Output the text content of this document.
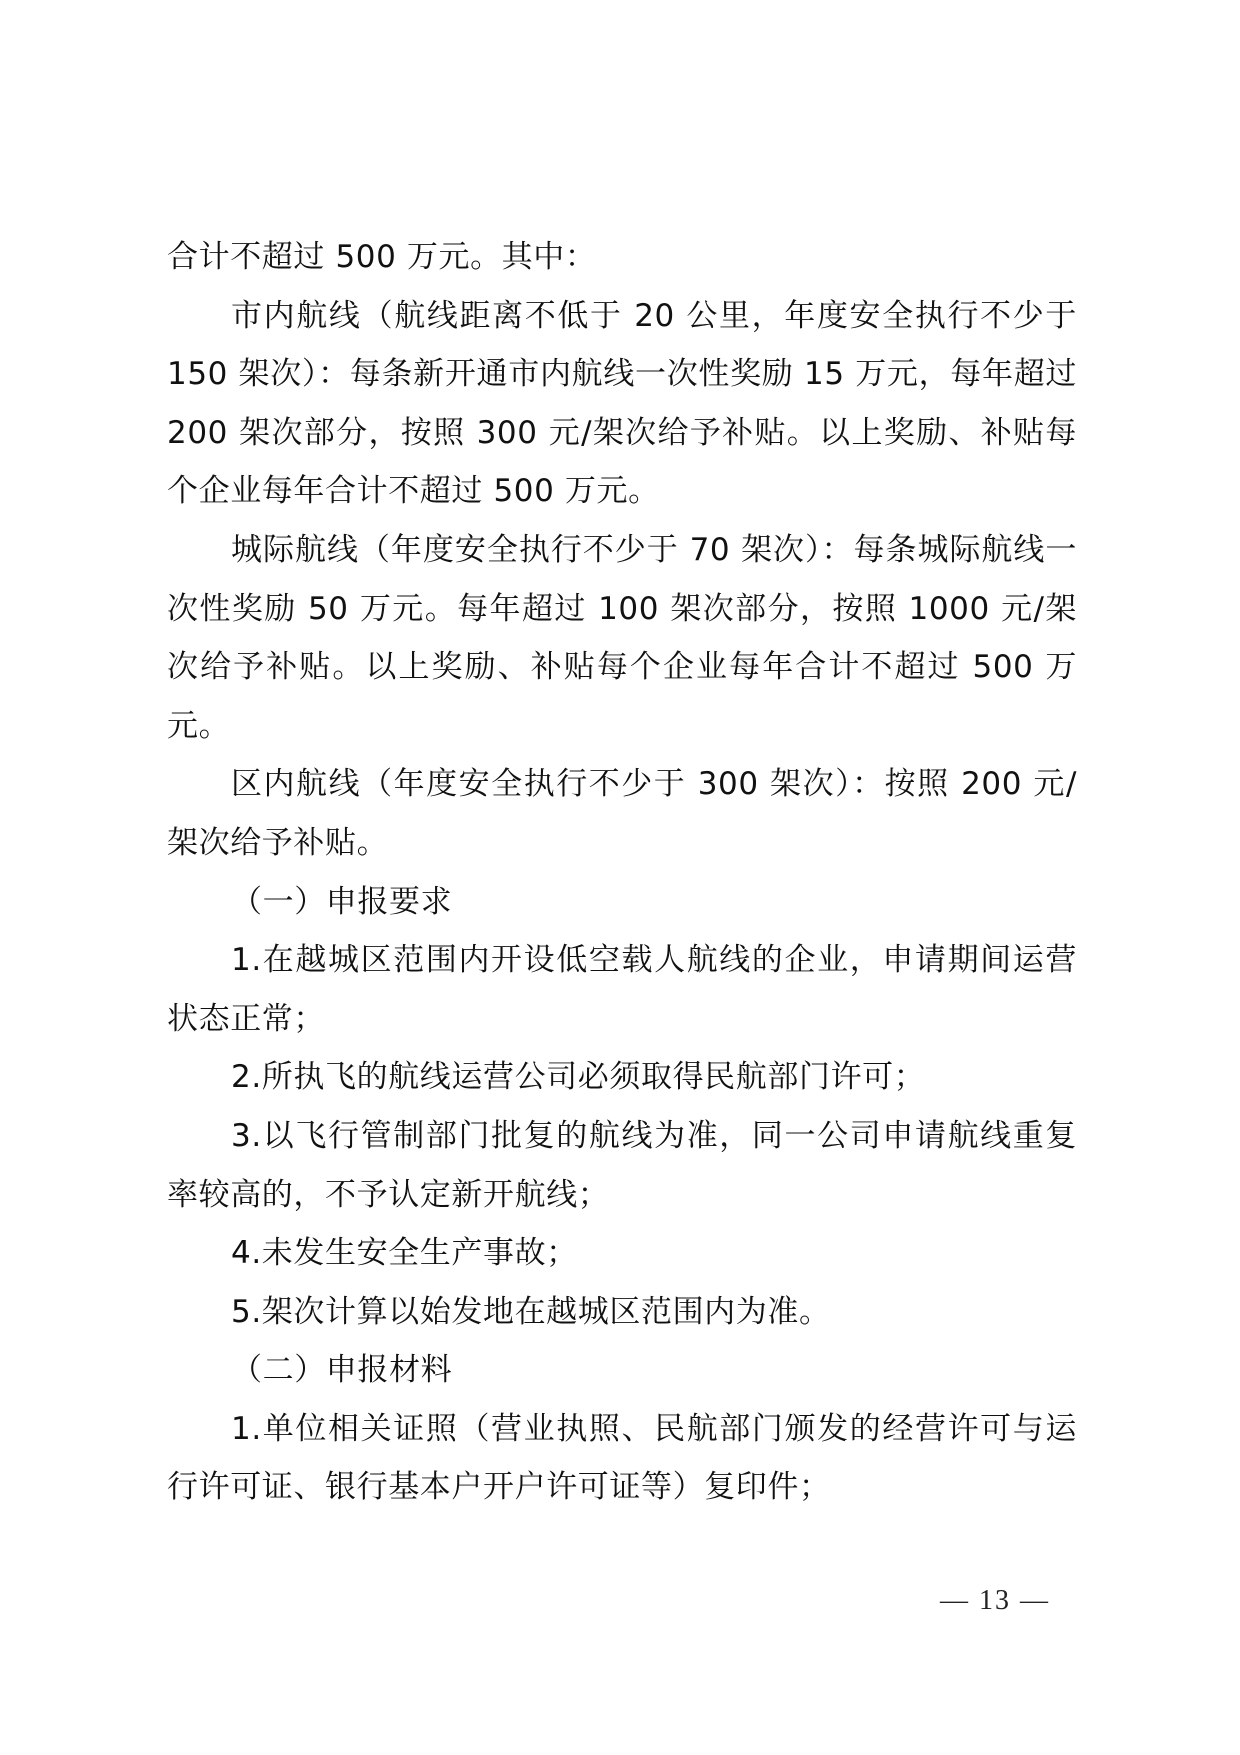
合计不超过 500 万元。其中：

市内航线（航线距离不低于 20 公里，年度安全执行不少于 150 架次）：每条新开通市内航线一次性奖励 15 万元，每年超过 200 架次部分，按照 300 元/架次给予补贴。以上奖励、补贴每个企业每年合计不超过 500 万元。

城际航线（年度安全执行不少于 70 架次）：每条城际航线一次性奖励 50 万元。每年超过 100 架次部分，按照 1000 元/架次给予补贴。以上奖励、补贴每个企业每年合计不超过 500 万元。

区内航线（年度安全执行不少于 300 架次）：按照 200 元/架次给予补贴。

（一）申报要求

1.在越城区范围内开设低空载人航线的企业，申请期间运营状态正常；

2.所执飞的航线运营公司必须取得民航部门许可；

3.以飞行管制部门批复的航线为准，同一公司申请航线重复率较高的，不予认定新开航线；

4.未发生安全生产事故；

5.架次计算以始发地在越城区范围内为准。

（二）申报材料

1.单位相关证照（营业执照、民航部门颁发的经营许可与运行许可证、银行基本户开户许可证等）复印件；

— 13 —
